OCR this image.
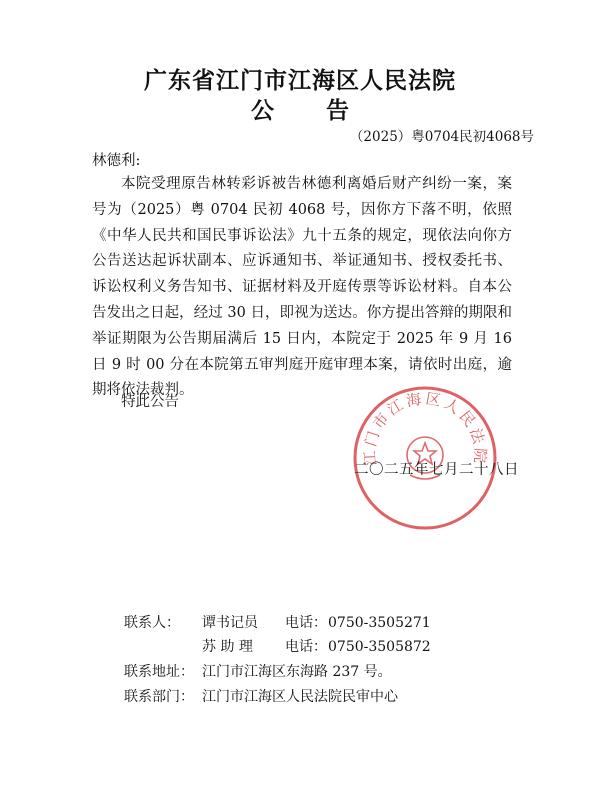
广东省江门市江海区人民法院
公 告
（2025）粤0704民初4068号
林德利:

本院受理原告林转彩诉被告林德利离婚后财产纠纷一案，案号为（2025）粤 0704 民初 4068 号，因你方下落不明，依照《中华人民共和国民事诉讼法》九十五条的规定，现依法向你方公告送达起诉状副本、应诉通知书、举证通知书、授权委托书、诉讼权利义务告知书、证据材料及开庭传票等诉讼材料。自本公告发出之日起，经过 30 日，即视为送达。你方提出答辩的期限和举证期限为公告期届满后 15 日内，本院定于 2025 年 9 月 16 日 9 时 00 分在本院第五审判庭开庭审理本案，请依时出庭，逾期将依法裁判。

特此公告
江门市江海区人民法院
二〇二五年七月二十八日
联系人： 谭书记员 电话：0750-3505271
苏 助 理 电话：0750-3505872
联系地址： 江门市江海区东海路 237 号。
联系部门： 江门市江海区人民法院民审中心
